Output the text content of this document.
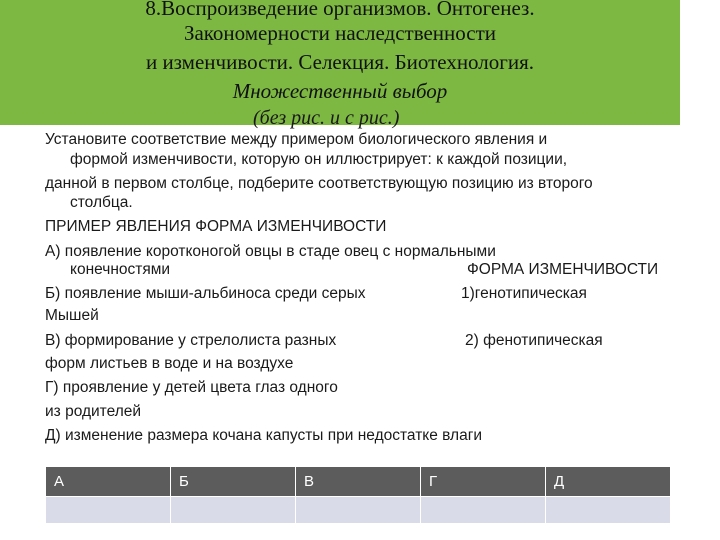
8.Воспроизведение организмов. Онтогенез.
Закономерности наследственности
и изменчивости. Селекция. Биотехнология.
Множественный выбор
(без рис. и с рис.)
Установите соответствие между примером биологического явления и
формой изменчивости, которую он иллюстрирует: к каждой позиции,
данной в первом столбце, подберите соответствующую позицию из второго
столбца.
ПРИМЕР ЯВЛЕНИЯ ФОРМА ИЗМЕНЧИВОСТИ
А) появление коротконогой овцы в стаде овец с нормальными
конечностями	ФОРМА ИЗМЕНЧИВОСТИ
Б) появление мыши-альбиноса среди серых	1)генотипическая
Мышей
В) формирование у стрелолиста разных	2) фенотипическая
форм листьев в воде и на воздухе
Г) проявление у детей цвета глаз одного
из родителей
Д) изменение размера кочана капусты при недостатке влаги
А	Б	В	Г	Д
